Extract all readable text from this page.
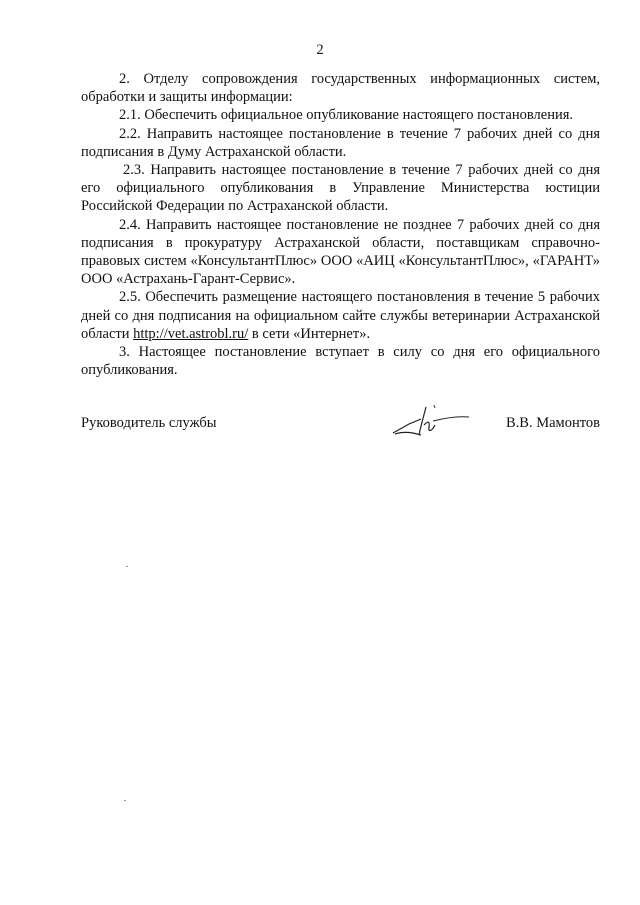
2

2. Отделу сопровождения государственных информационных систем, обработки и защиты информации:

2.1. Обеспечить официальное опубликование настоящего постановления.

2.2. Направить настоящее постановление в течение 7 рабочих дней со дня подписания в Думу Астраханской области.

2.3. Направить настоящее постановление в течение 7 рабочих дней со дня его официального опубликования в Управление Министерства юстиции Российской Федерации по Астраханской области.

2.4. Направить настоящее постановление не позднее 7 рабочих дней со дня подписания в прокуратуру Астраханской области, поставщикам справочно-правовых систем «КонсультантПлюс» ООО «АИЦ «КонсультантПлюс», «ГАРАНТ» ООО «Астрахань-Гарант-Сервис».

2.5. Обеспечить размещение настоящего постановления в течение 5 рабочих дней со дня подписания на официальном сайте службы ветеринарии Астраханской области http://vet.astrobl.ru/ в сети «Интернет».

3. Настоящее постановление вступает в силу со дня его официального опубликования.

Руководитель службы	В.В. Мамонтов
